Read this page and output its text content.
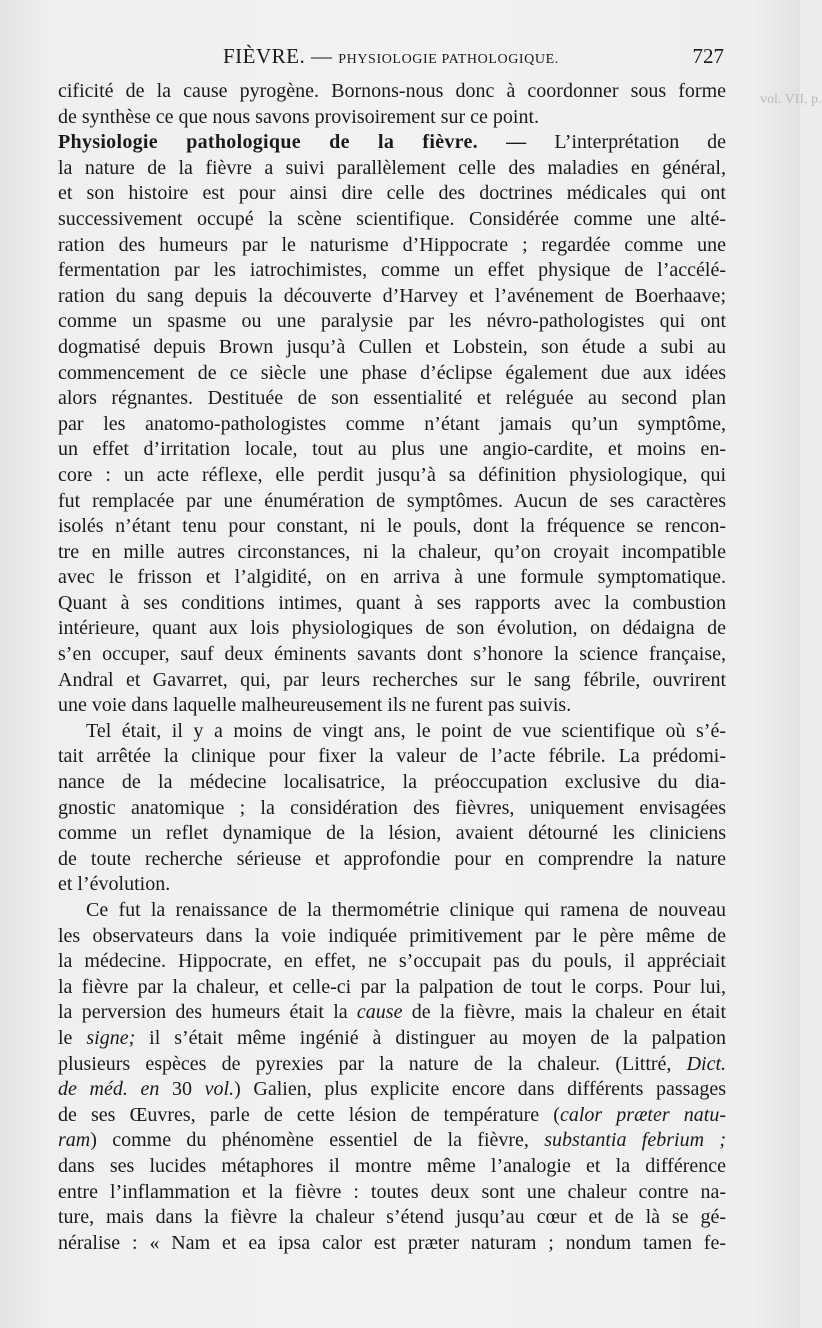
vol. VII, p.
FIÈVRE. — PHYSIOLOGIE PATHOLOGIQUE.	727
cificité de la cause pyrogène. Bornons-nous donc à coordonner sous forme
de synthèse ce que nous savons provisoirement sur ce point.
Physiologie pathologique de la fièvre. — L’interprétation de
la nature de la fièvre a suivi parallèlement celle des maladies en général,
et son histoire est pour ainsi dire celle des doctrines médicales qui ont
successivement occupé la scène scientifique. Considérée comme une alté-
ration des humeurs par le naturisme d’Hippocrate ; regardée comme une
fermentation par les iatrochimistes, comme un effet physique de l’accélé-
ration du sang depuis la découverte d’Harvey et l’avénement de Boerhaave;
comme un spasme ou une paralysie par les névro-pathologistes qui ont
dogmatisé depuis Brown jusqu’à Cullen et Lobstein, son étude a subi au
commencement de ce siècle une phase d’éclipse également due aux idées
alors régnantes. Destituée de son essentialité et reléguée au second plan
par les anatomo-pathologistes comme n’étant jamais qu’un symptôme,
un effet d’irritation locale, tout au plus une angio-cardite, et moins en-
core : un acte réflexe, elle perdit jusqu’à sa définition physiologique, qui
fut remplacée par une énumération de symptômes. Aucun de ses caractères
isolés n’étant tenu pour constant, ni le pouls, dont la fréquence se rencon-
tre en mille autres circonstances, ni la chaleur, qu’on croyait incompatible
avec le frisson et l’algidité, on en arriva à une formule symptomatique.
Quant à ses conditions intimes, quant à ses rapports avec la combustion
intérieure, quant aux lois physiologiques de son évolution, on dédaigna de
s’en occuper, sauf deux éminents savants dont s’honore la science française,
Andral et Gavarret, qui, par leurs recherches sur le sang fébrile, ouvrirent
une voie dans laquelle malheureusement ils ne furent pas suivis.
Tel était, il y a moins de vingt ans, le point de vue scientifique où s’é-
tait arrêtée la clinique pour fixer la valeur de l’acte fébrile. La prédomi-
nance de la médecine localisatrice, la préoccupation exclusive du dia-
gnostic anatomique ; la considération des fièvres, uniquement envisagées
comme un reflet dynamique de la lésion, avaient détourné les cliniciens
de toute recherche sérieuse et approfondie pour en comprendre la nature
et l’évolution.
Ce fut la renaissance de la thermométrie clinique qui ramena de nouveau
les observateurs dans la voie indiquée primitivement par le père même de
la médecine. Hippocrate, en effet, ne s’occupait pas du pouls, il appréciait
la fièvre par la chaleur, et celle-ci par la palpation de tout le corps. Pour lui,
la perversion des humeurs était la cause de la fièvre, mais la chaleur en était
le signe; il s’était même ingénié à distinguer au moyen de la palpation
plusieurs espèces de pyrexies par la nature de la chaleur. (Littré, Dict.
de méd. en 30 vol.) Galien, plus explicite encore dans différents passages
de ses Œuvres, parle de cette lésion de température (calor præter natu-
ram) comme du phénomène essentiel de la fièvre, substantia febrium ;
dans ses lucides métaphores il montre même l’analogie et la différence
entre l’inflammation et la fièvre : toutes deux sont une chaleur contre na-
ture, mais dans la fièvre la chaleur s’étend jusqu’au cœur et de là se gé-
néralise : « Nam et ea ipsa calor est præter naturam ; nondum tamen fe-
